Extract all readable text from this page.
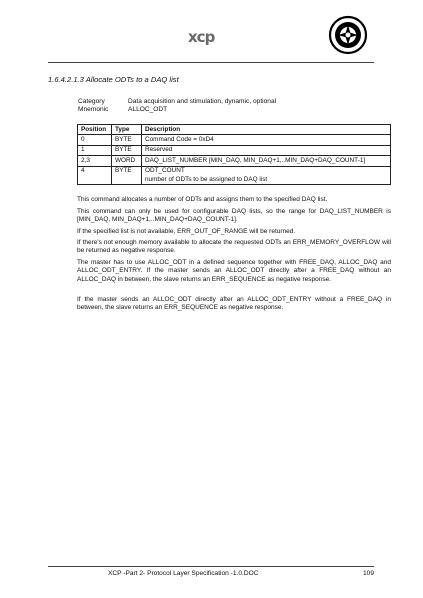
xcp
1.6.4.2.1.3 Allocate ODTs to a DAQ list
Category	Data acquisition and stimulation, dynamic, optional
Mnemonic	ALLOC_ODT
Position	Type	Description
0	BYTE	Command Code = 0xD4
1	BYTE	Reserved
2,3	WORD	DAQ_LIST_NUMBER [MIN_DAQ, MIN_DAQ+1,..MIN_DAQ+DAQ_COUNT-1]
4	BYTE	ODT_COUNT
number of ODTs to be assigned to DAQ list
This command allocates a number of ODTs and assigns them to the specified DAQ list.
This command can only be used for configurable DAQ lists, so the range for DAQ_LIST_NUMBER is [MIN_DAQ, MIN_DAQ+1,..MIN_DAQ+DAQ_COUNT-1].
If the specified list is not available, ERR_OUT_OF_RANGE will be returned.
If there's not enough memory available to allocate the requested ODTs an ERR_MEMORY_OVERFLOW will be returned as negative response.
The master has to use ALLOC_ODT in a defined sequence together with FREE_DAQ, ALLOC_DAQ and ALLOC_ODT_ENTRY. If the master sends an ALLOC_ODT directly after a FREE_DAQ without an ALLOC_DAQ in between, the slave returns an ERR_SEQUENCE as negative response.
If the master sends an ALLOC_ODT directly after an ALLOC_ODT_ENTRY without a FREE_DAQ in between, the slave returns an ERR_SEQUENCE as negative response.
XCP -Part 2- Protocol Layer Specification -1.0.DOC	109
